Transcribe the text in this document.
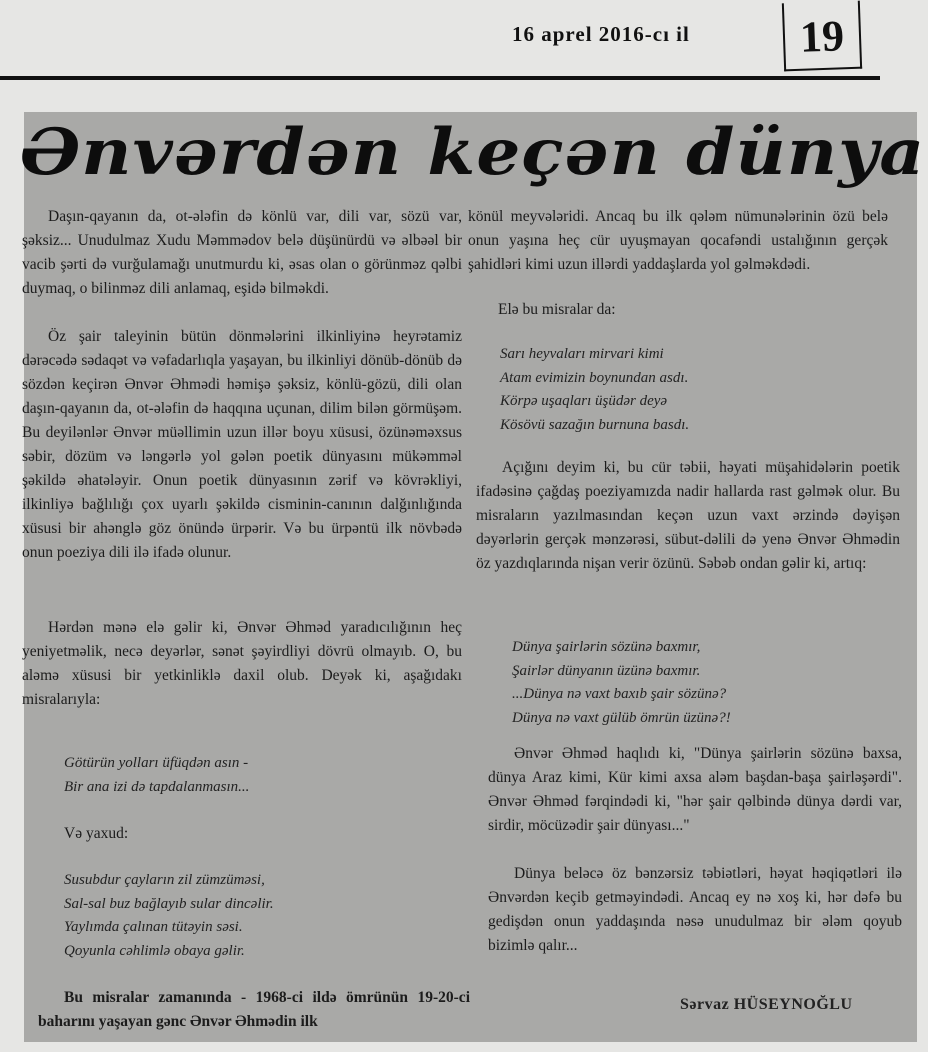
16 aprel 2016-cı il	19
Ənvərdən keçən dünya

Daşın-qayanın da, ot-ələfin də könlü var, dili var, sözü var, şəksiz... Unudulmaz Xudu Məmmədov belə düşünürdü və əlbəəl bir vacib şərti də vurğulamağı unutmurdu ki, əsas olan o görünməz qəlbi duymaq, o bilinməz dili anlamaq, eşidə bilməkdi.

Öz şair taleyinin bütün dönmələrini ilkinliyinə heyrətamiz dərəcədə sədaqət və vəfadarlıqla yaşayan, bu ilkinliyi dönüb-dönüb də sözdən keçirən Ənvər Əhmədi həmişə şəksiz, könlü-gözü, dili olan daşın-qayanın da, ot-ələfin də haqqına uçunan, dilim bilən görmüşəm. Bu deyilənlər Ənvər müəllimin uzun illər boyu xüsusi, özünəməxsus səbir, dözüm və ləngərlə yol gələn poetik dünyasını mükəmməl şəkildə əhatələyir. Onun poetik dünyasının zərif və kövrəkliyi, ilkinliyə bağlılığı çox uyarlı şəkildə cisminin-canının dalğınlığında xüsusi bir ahənglə göz önündə ürpərir. Və bu ürpəntü ilk növbədə onun poeziya dili ilə ifadə olunur.

Hərdən mənə elə gəlir ki, Ənvər Əhməd yaradıcılığının heç yeniyetməlik, necə deyərlər, sənət şəyirdliyi dövrü olmayıb. O, bu aləmə xüsusi bir yetkinliklə daxil olub. Deyək ki, aşağıdakı misralarıyla:

Götürün yolları üfüqdən asın -
Bir ana izi də tapdalanmasın...
Və yaxud:
Susubdur çayların zil zümzüməsi,
Sal-sal buz bağlayıb sular dincəlir.
Yaylımda çalınan tütəyin səsi.
Qoyunla cəhlimlə obaya gəlir.

Bu misralar zamanında - 1968-ci ildə ömrünün 19-20-ci baharını yaşayan gənc Ənvər Əhmədin ilk

könül meyvələridi. Ancaq bu ilk qələm nümunələrinin özü belə onun yaşına heç cür uyuşmayan qocafəndi ustalığının gerçək şahidləri kimi uzun illərdi yaddaşlarda yol gəlməkdədi.

Elə bu misralar da:
Sarı heyvaları mirvari kimi
Atam evimizin boynundan asdı.
Körpə uşaqları üşüdər deyə
Kösövü sazağın burnuna basdı.

Açığını deyim ki, bu cür təbii, həyati müşahidələrin poetik ifadəsinə çağdaş poeziyamızda nadir hallarda rast gəlmək olur. Bu misraların yazılmasından keçən uzun vaxt ərzində dəyişən dəyərlərin gerçək mənzərəsi, sübut-dəlili də yenə Ənvər Əhmədin öz yazdıqlarında nişan verir özünü. Səbəb ondan gəlir ki, artıq:

Dünya şairlərin sözünə baxmır,
Şairlər dünyanın üzünə baxmır.
...Dünya nə vaxt baxıb şair sözünə?
Dünya nə vaxt gülüb ömrün üzünə?!

Ənvər Əhməd haqlıdı ki, "Dünya şairlərin sözünə baxsa, dünya Araz kimi, Kür kimi axsa aləm başdan-başa şairləşərdi". Ənvər Əhməd fərqindədi ki, "hər şair qəlbində dünya dərdi var, sirdir, möcüzədir şair dünyası..."

Dünya beləcə öz bənzərsiz təbiətləri, həyat həqiqətləri ilə Ənvərdən keçib getməyindədi. Ancaq ey nə xoş ki, hər dəfə bu gedişdən onun yaddaşında nəsə unudulmaz bir ələm qoyub bizimlə qalır...

Sərvaz HÜSEYNOĞLU
